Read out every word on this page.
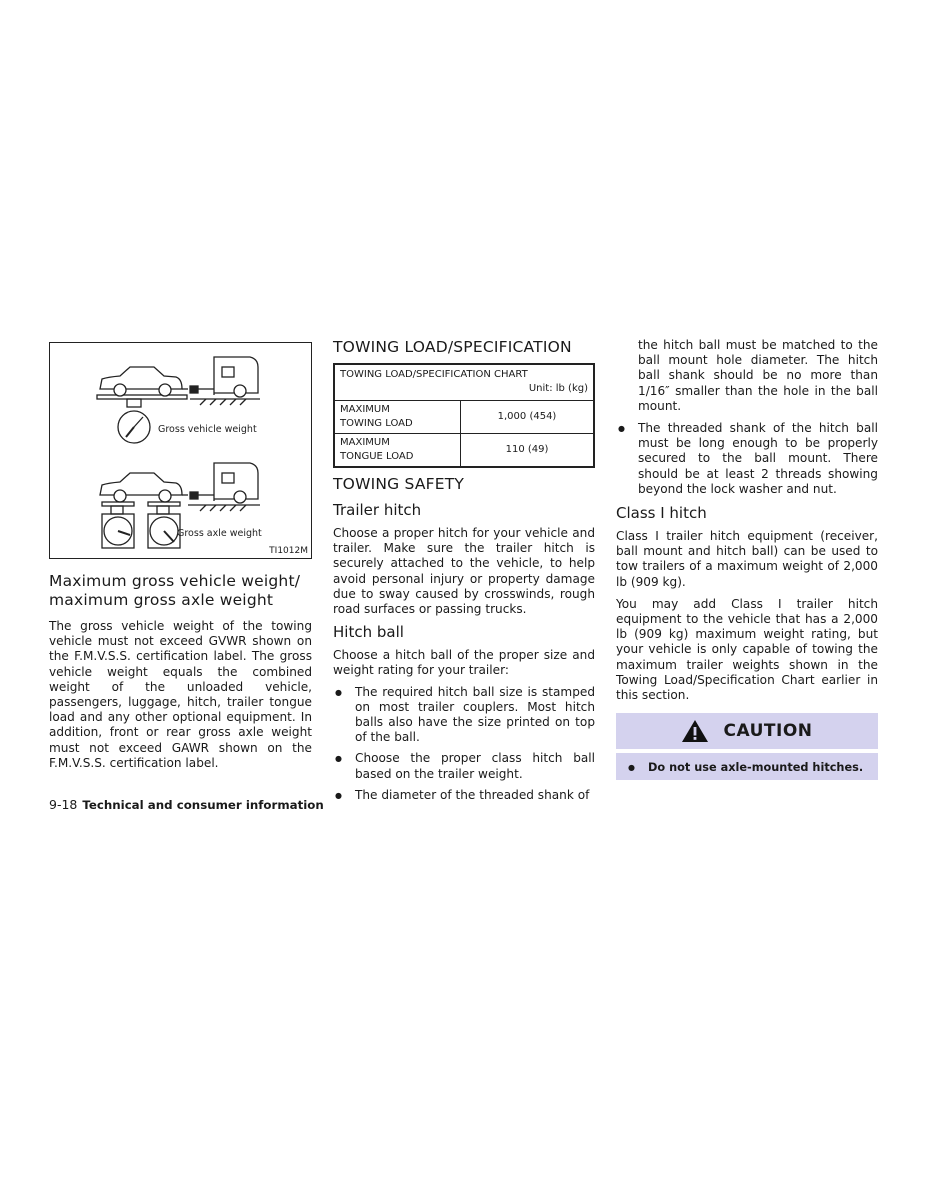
Gross vehicle weight
Gross axle weight
TI1012M
Maximum gross vehicle weight/ maximum gross axle weight

The gross vehicle weight of the towing vehicle must not exceed GVWR shown on the F.M.V.S.S. certification label. The gross vehicle weight equals the combined weight of the unloaded vehicle, passengers, luggage, hitch, trailer tongue load and any other optional equipment. In addition, front or rear gross axle weight must not exceed GAWR shown on the F.M.V.S.S. certification label.

TOWING LOAD/SPECIFICATION
TOWING LOAD/SPECIFICATION CHART
Unit: lb (kg)	

MAXIMUM
TOWING LOAD	1,000 (454)
MAXIMUM
TONGUE LOAD	110 (49)
TOWING SAFETY
Trailer hitch

Choose a proper hitch for your vehicle and trailer. Make sure the trailer hitch is securely attached to the vehicle, to help avoid personal injury or property damage due to sway caused by crosswinds, rough road surfaces or passing trucks.

Hitch ball

Choose a hitch ball of the proper size and weight rating for your trailer:

● The required hitch ball size is stamped on most trailer couplers. Most hitch balls also have the size printed on top of the ball.
● Choose the proper class hitch ball based on the trailer weight.
● The diameter of the threaded shank of

the hitch ball must be matched to the ball mount hole diameter. The hitch ball shank should be no more than 1/16″ smaller than the hole in the ball mount.

● The threaded shank of the hitch ball must be long enough to be properly secured to the ball mount. There should be at least 2 threads showing beyond the lock washer and nut.
Class I hitch

Class I trailer hitch equipment (receiver, ball mount and hitch ball) can be used to tow trailers of a maximum weight of 2,000 lb (909 kg).

You may add Class I trailer hitch equipment to the vehicle that has a 2,000 lb (909 kg) maximum weight rating, but your vehicle is only capable of towing the maximum trailer weights shown in the Towing Load/Specification Chart earlier in this section.

CAUTION
● Do not use axle-mounted hitches.
9-18 Technical and consumer information
